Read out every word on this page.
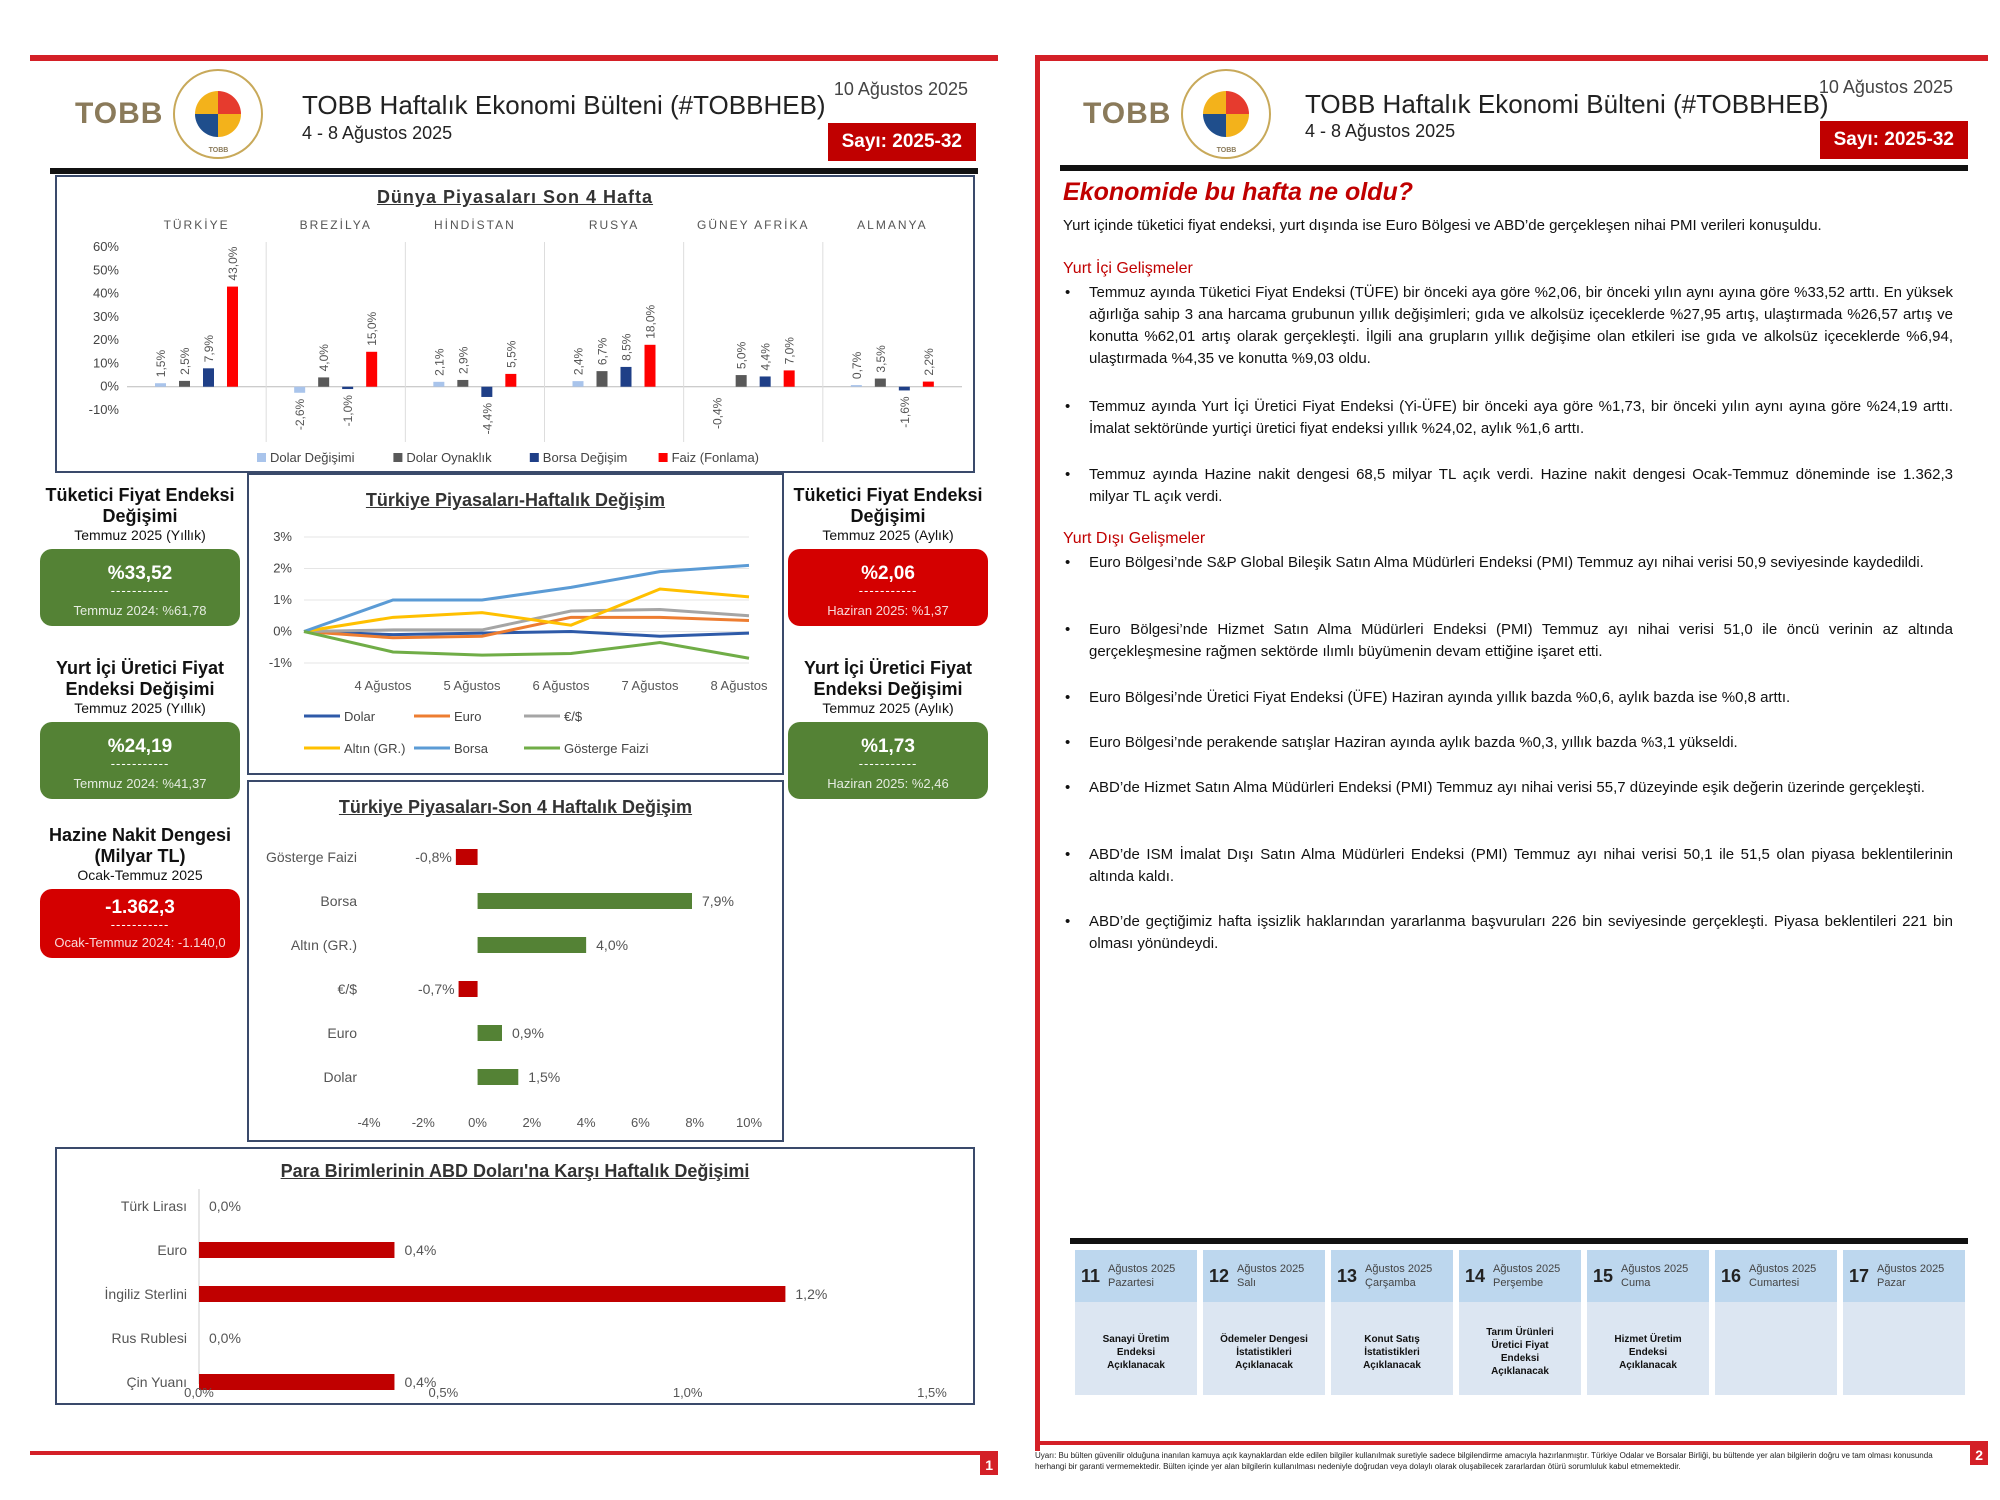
TOBB
TOBB
TOBB Haftalık Ekonomi Bülteni (#TOBBHEB)
4 - 8 Ağustos 2025
10 Ağustos 2025
Sayı: 2025-32
Dünya Piyasaları Son 4 Hafta
60%
50%
40%
30%
20%
10%
0%
-10%
TÜRKİYE
1,5% 2,5% 7,9%
43,0%
BREZİLYA
-2,6%
4,0%
-1,0%
15,0%
HİNDİSTAN
2,1% 2,9%
-4,4%
5,5%
RUSYA
2,4% 6,7% 8,5%
18,0%
GÜNEY AFRİKA
5,0% 4,4% 7,0%
ALMANYA
0,7% 3,5%
-1,6%
2,2%
-0,4%
Dolar Değişimi	Dolar Oynaklık	Borsa Değişim	Faiz (Fonlama)
Tüketici Fiyat Endeksi Değişimi
Temmuz 2025 (Yıllık)
%33,52
-----------
Temmuz 2024: %61,78
Yurt İçi Üretici Fiyat Endeksi Değişimi
Temmuz 2025 (Yıllık)
%24,19
-----------
Temmuz 2024: %41,37
Hazine Nakit Dengesi (Milyar TL)
Ocak-Temmuz 2025
-1.362,3
-----------
Ocak-Temmuz 2024: -1.140,0
Türkiye Piyasaları-Haftalık Değişim
3%
2%
1%
0%
-1%
4 Ağustos 5 Ağustos 6 Ağustos 7 Ağustos 8 Ağustos
Dolar	Euro	€/$
Altın (GR.)	Borsa	Gösterge Faizi
Türkiye Piyasaları-Son 4 Haftalık Değişim
Gösterge Faizi	-0,8%
Borsa	7,9%
Altın (GR.)	4,0%
€/$	-0,7%
Euro	0,9%
Dolar	1,5%
-4% -2%	0%	2%	4%	6%	8% 10%
Tüketici Fiyat Endeksi Değişimi
Temmuz 2025 (Aylık)
%2,06
-----------
Haziran 2025: %1,37
Yurt İçi Üretici Fiyat Endeksi Değişimi
Temmuz 2025 (Aylık)
%1,73
-----------
Haziran 2025: %2,46
Para Birimlerinin ABD Doları'na Karşı Haftalık Değişimi
Türk Lirası 0,0%
Euro	0,4%
İngiliz Sterlini	1,2%
Rus Rublesi 0,0%
Çin Yuanı	0,4%
0,0%	0,5%	1,0%	1,5%
1
TOBB
TOBB
TOBB Haftalık Ekonomi Bülteni (#TOBBHEB)
4 - 8 Ağustos 2025
10 Ağustos 2025
Sayı: 2025-32
Ekonomide bu hafta ne oldu?
Yurt içinde tüketici fiyat endeksi, yurt dışında ise Euro Bölgesi ve ABD’de gerçekleşen nihai PMI verileri konuşuldu.
Yurt İçi Gelişmeler
• Temmuz ayında Tüketici Fiyat Endeksi (TÜFE) bir önceki aya göre %2,06, bir önceki yılın aynı ayına göre %33,52 arttı. En yüksek ağırlığa sahip 3 ana harcama grubunun yıllık değişimleri; gıda ve alkolsüz içeceklerde %27,95 artış, ulaştırmada %26,57 artış ve konutta %62,01 artış olarak gerçekleşti. İlgili ana grupların yıllık değişime olan etkileri ise gıda ve alkolsüz içeceklerde %6,94, ulaştırmada %4,35 ve konutta %9,03 oldu.
• Temmuz ayında Yurt İçi Üretici Fiyat Endeksi (Yi-ÜFE) bir önceki aya göre %1,73, bir önceki yılın aynı ayına göre %24,19 arttı. İmalat sektöründe yurtiçi üretici fiyat endeksi yıllık %24,02, aylık %1,6 arttı.
• Temmuz ayında Hazine nakit dengesi 68,5 milyar TL açık verdi. Hazine nakit dengesi Ocak-Temmuz döneminde ise 1.362,3 milyar TL açık verdi.
Yurt Dışı Gelişmeler
• Euro Bölgesi’nde S&P Global Bileşik Satın Alma Müdürleri Endeksi (PMI) Temmuz ayı nihai verisi 50,9 seviyesinde kaydedildi.
• Euro Bölgesi’nde Hizmet Satın Alma Müdürleri Endeksi (PMI) Temmuz ayı nihai verisi 51,0 ile öncü verinin az altında gerçekleşmesine rağmen sektörde ılımlı büyümenin devam ettiğine işaret etti.
• Euro Bölgesi’nde Üretici Fiyat Endeksi (ÜFE) Haziran ayında yıllık bazda %0,6, aylık bazda ise %0,8 arttı.
• Euro Bölgesi’nde perakende satışlar Haziran ayında aylık bazda %0,3, yıllık bazda %3,1 yükseldi.
• ABD’de Hizmet Satın Alma Müdürleri Endeksi (PMI) Temmuz ayı nihai verisi 55,7 düzeyinde eşik değerin üzerinde gerçekleşti.
• ABD’de ISM İmalat Dışı Satın Alma Müdürleri Endeksi (PMI) Temmuz ayı nihai verisi 50,1 ile 51,5 olan piyasa beklentilerinin altında kaldı.
• ABD’de geçtiğimiz hafta işsizlik haklarından yararlanma başvuruları 226 bin seviyesinde gerçekleşti. Piyasa beklentileri 221 bin olması yönündeydi.
11 Ağustos 2025
Pazartesi
Sanayi Üretim Endeksi Açıklanacak
12 Ağustos 2025
Salı
Ödemeler Dengesi İstatistikleri Açıklanacak
13 Ağustos 2025
Çarşamba
Konut Satış İstatistikleri Açıklanacak
14 Ağustos 2025
Perşembe
Tarım Ürünleri Üretici Fiyat Endeksi Açıklanacak
15 Ağustos 2025
Cuma
Hizmet Üretim Endeksi Açıklanacak
16 Ağustos 2025
Cumartesi	17 Ağustos 2025
Pazar
Uyarı: Bu bülten güvenilir olduğuna inanılan kamuya açık kaynaklardan elde edilen bilgiler kullanılmak suretiyle sadece bilgilendirme amacıyla hazırlanmıştır. Türkiye Odalar ve Borsalar Birliği, bu bültende yer alan bilgilerin doğru ve tam olması konusunda herhangi bir garanti vermemektedir. Bülten içinde yer alan bilgilerin kullanılması nedeniyle doğrudan veya dolaylı olarak oluşabilecek zararlardan ötürü sorumluluk kabul etmemektedir.
2
